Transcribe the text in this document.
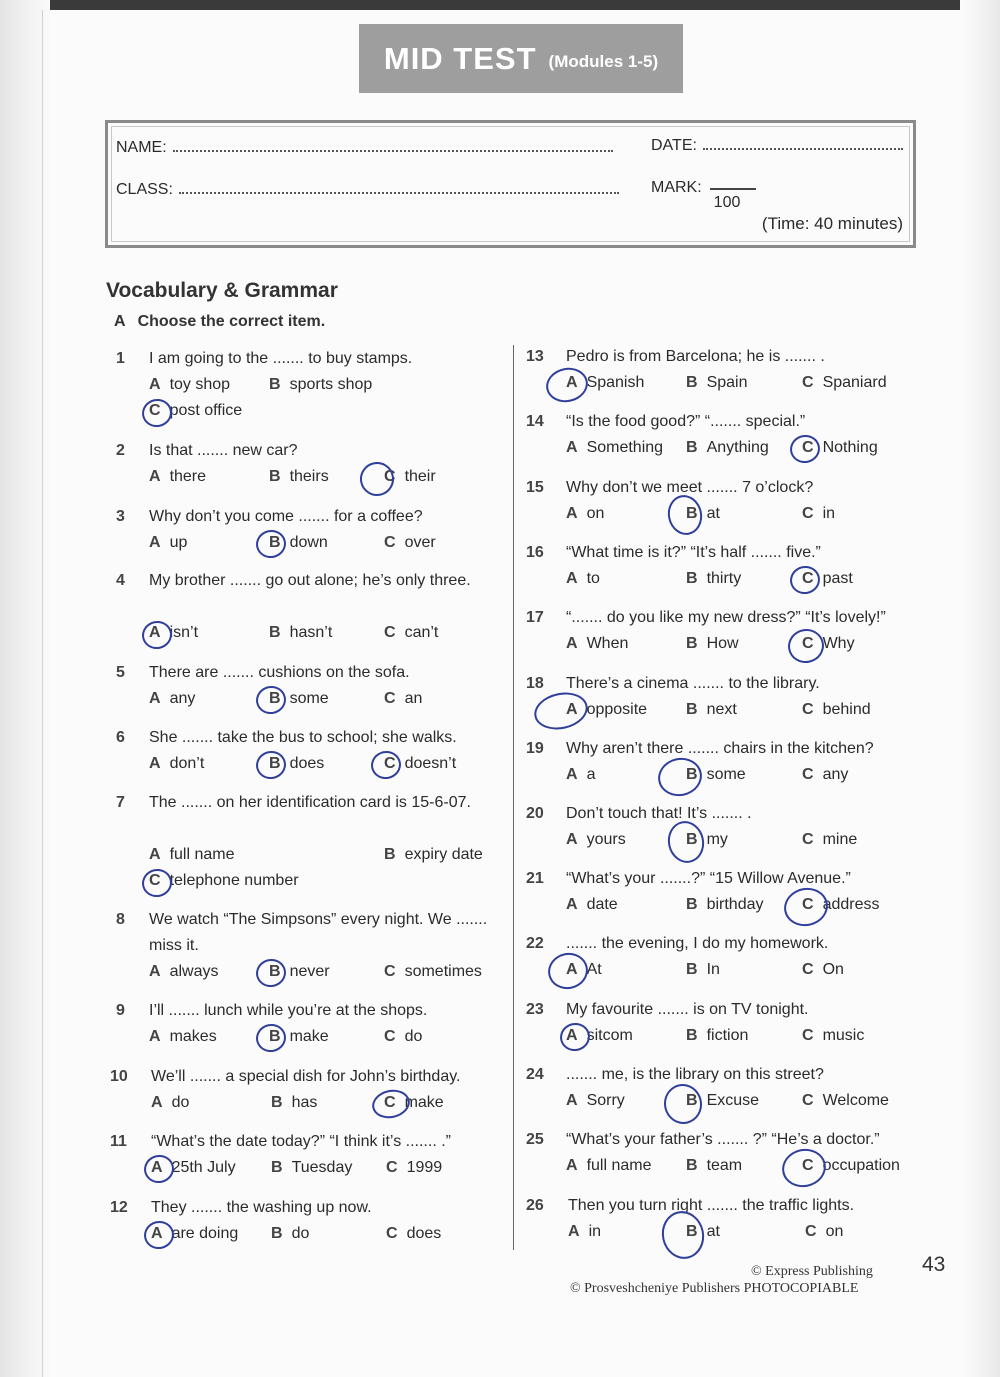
MID TEST (Modules 1-5)
NAME:	DATE:
CLASS:	MARK:
100
(Time: 40 minutes)
Vocabulary & Grammar
A Choose the correct item.
1 I am going to the ....... to buy stamps.
A toy shop B sports shop
C post office
2 Is that ....... new car?
A there	B theirs	C their
3 Why don’t you come ....... for a coffee?
A up	B down	C over
4 My brother ....... go out alone; he’s only three.
A isn’t	B hasn’t	C can’t
5 There are ....... cushions on the sofa.
A any	B some	C an
6 She ....... take the bus to school; she walks.
A don’t	B does	C doesn’t
7 The ....... on her identification card is 15-6-07.
A full name	B expiry date
C telephone number
8 We watch “The Simpsons” every night. We ....... miss it.
A always	B never	C sometimes
9 I’ll ....... lunch while you’re at the shops.
A makes	B make	C do
10 We’ll ....... a special dish for John’s birthday.
A do	B has	C make
11 “What’s the date today?” “I think it’s ....... .”
A 25th July B Tuesday C 1999
12 They ....... the washing up now.
A are doing B do	C does
13 Pedro is from Barcelona; he is ....... .
A Spanish	B Spain	C Spaniard
14 “Is the food good?” “....... special.”
A Something B Anything C Nothing
15 Why don’t we meet ....... 7 o’clock?
A on	B at	C in
16 “What time is it?” “It’s half ....... five.”
A to	B thirty	C past
17 “....... do you like my new dress?” “It’s lovely!”
A When	B How	C Why
18 There’s a cinema ....... to the library.
A opposite B next	C behind
19 Why aren’t there ....... chairs in the kitchen?
A a	B some	C any
20 Don’t touch that! It’s ....... .
A yours	B my	C mine
21 “What’s your .......?” “15 Willow Avenue.”
A date	B birthday C address
22 ....... the evening, I do my homework.
A At	B In	C On
23 My favourite ....... is on TV tonight.
A sitcom	B fiction	C music
24 ....... me, is the library on this street?
A Sorry	B Excuse	C Welcome
25 “What’s your father’s ....... ?” “He’s a doctor.”
A full name B team	C occupation
26 Then you turn right ....... the traffic lights.
A in	B at	C on
© Express Publishing
© Prosveshcheniye Publishers PHOTOCOPIABLE
43
